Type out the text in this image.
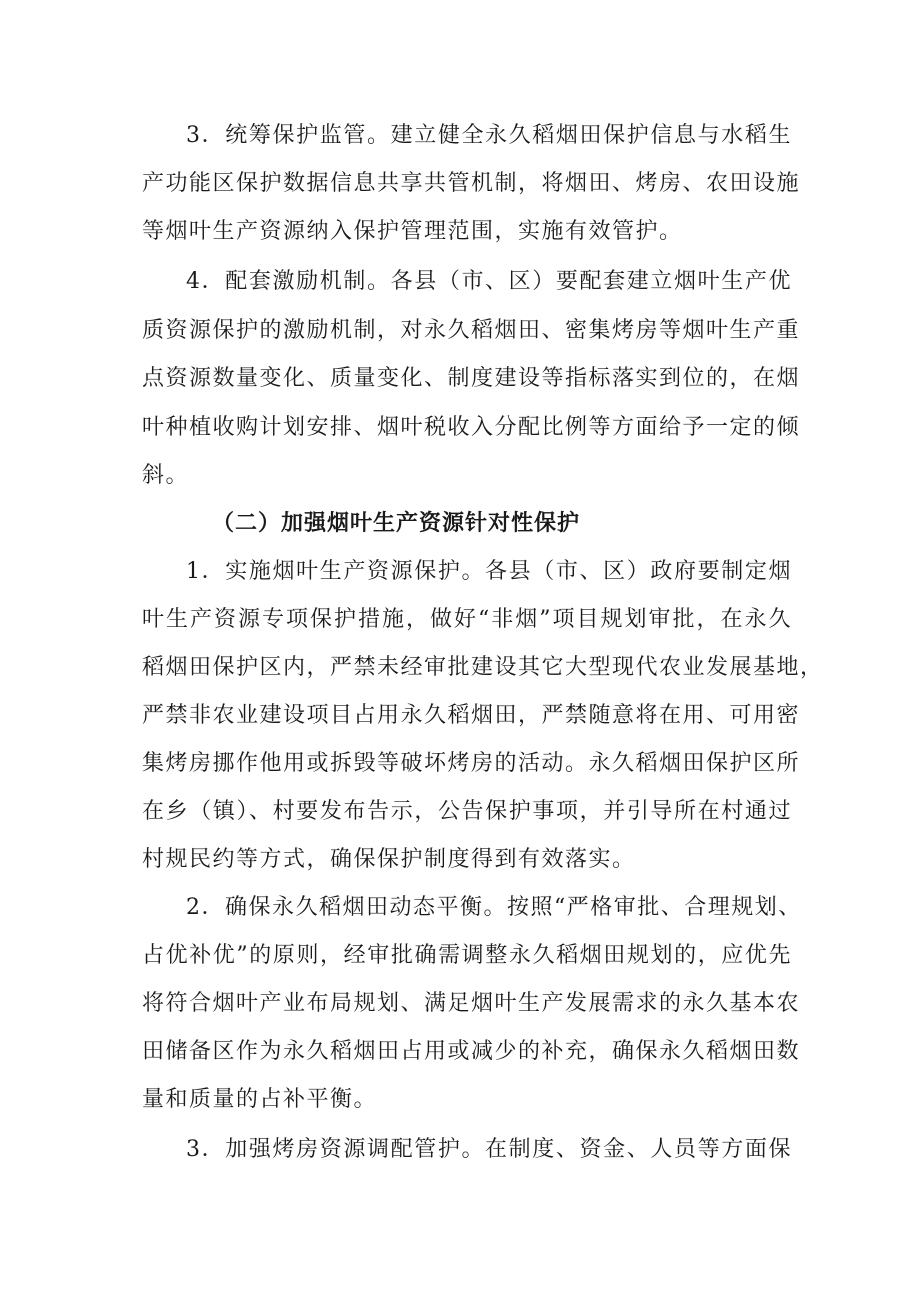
3．统筹保护监管。建立健全永久稻烟田保护信息与水稻生
产功能区保护数据信息共享共管机制，将烟田、烤房、农田设施
等烟叶生产资源纳入保护管理范围，实施有效管护。
4．配套激励机制。各县（市、区）要配套建立烟叶生产优
质资源保护的激励机制，对永久稻烟田、密集烤房等烟叶生产重
点资源数量变化、质量变化、制度建设等指标落实到位的，在烟
叶种植收购计划安排、烟叶税收入分配比例等方面给予一定的倾
斜。
（二）加强烟叶生产资源针对性保护
1．实施烟叶生产资源保护。各县（市、区）政府要制定烟
叶生产资源专项保护措施，做好“非烟”项目规划审批，在永久
稻烟田保护区内，严禁未经审批建设其它大型现代农业发展基地，
严禁非农业建设项目占用永久稻烟田，严禁随意将在用、可用密
集烤房挪作他用或拆毁等破坏烤房的活动。永久稻烟田保护区所
在乡（镇）、村要发布告示，公告保护事项，并引导所在村通过
村规民约等方式，确保保护制度得到有效落实。
2．确保永久稻烟田动态平衡。按照“严格审批、合理规划、
占优补优”的原则，经审批确需调整永久稻烟田规划的，应优先
将符合烟叶产业布局规划、满足烟叶生产发展需求的永久基本农
田储备区作为永久稻烟田占用或减少的补充，确保永久稻烟田数
量和质量的占补平衡。
3．加强烤房资源调配管护。在制度、资金、人员等方面保
